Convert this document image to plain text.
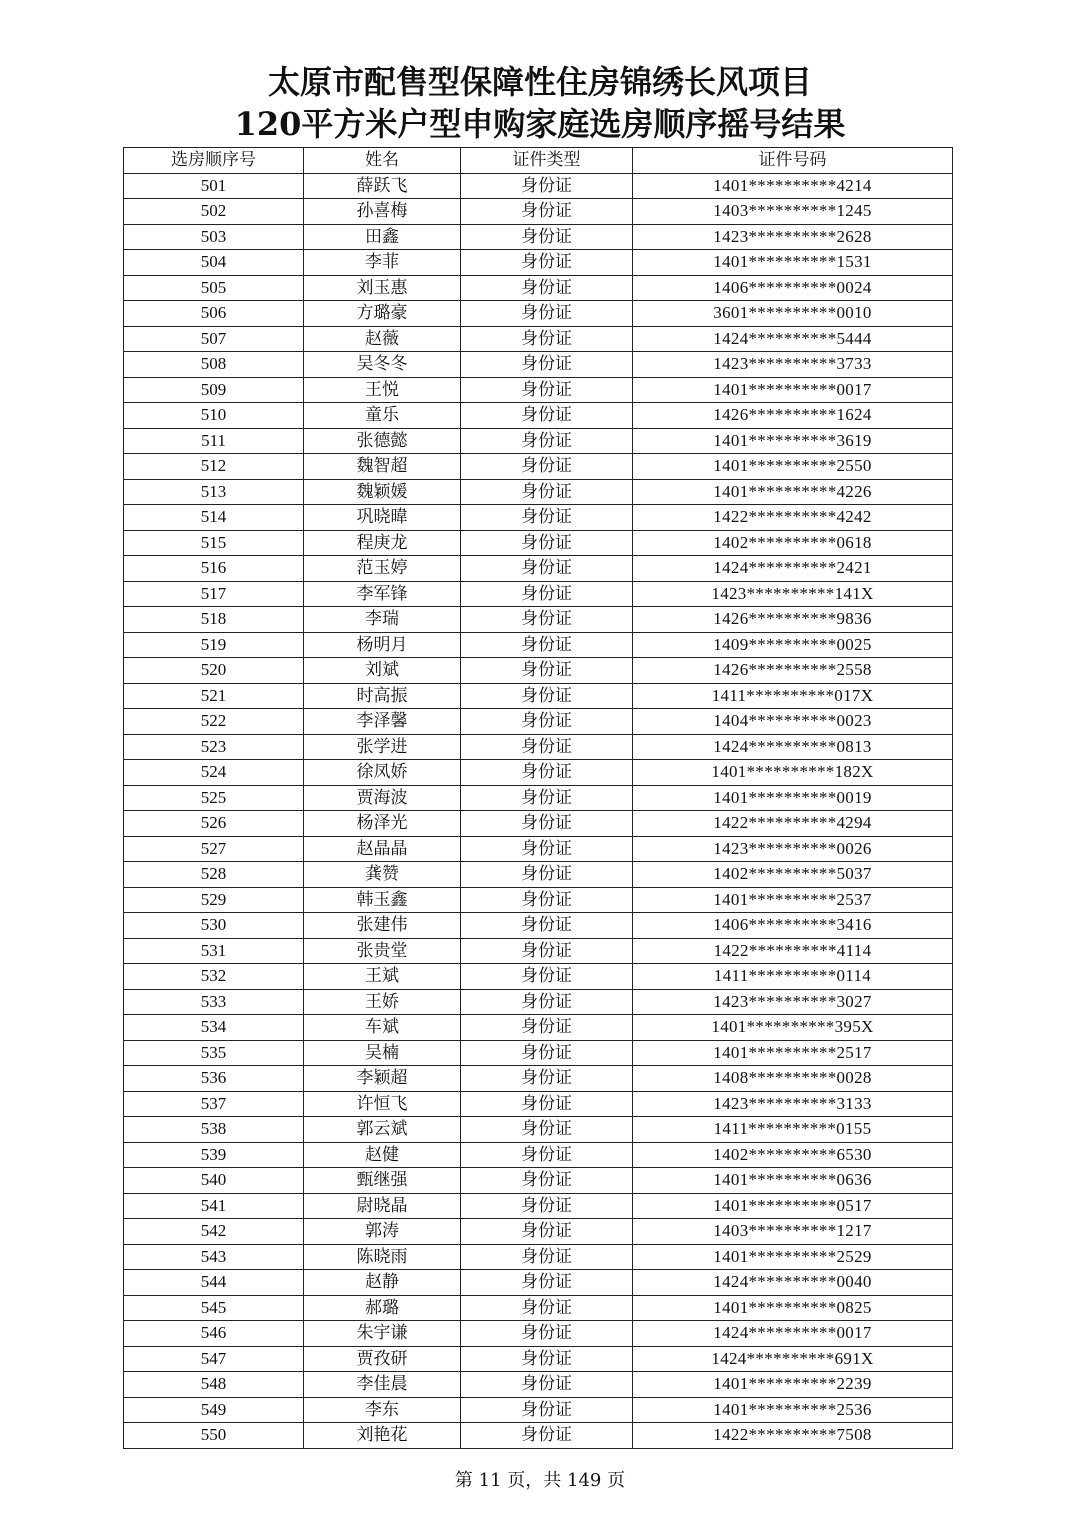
太原市配售型保障性住房锦绣长风项目
120平方米户型申购家庭选房顺序摇号结果
选房顺序号	姓名	证件类型	证件号码
501	薛跃飞	身份证	1401**********4214
502	孙喜梅	身份证	1403**********1245
503	田鑫	身份证	1423**********2628
504	李菲	身份证	1401**********1531
505	刘玉惠	身份证	1406**********0024
506	方璐豪	身份证	3601**********0010
507	赵薇	身份证	1424**********5444
508	吴冬冬	身份证	1423**********3733
509	王悦	身份证	1401**********0017
510	童乐	身份证	1426**********1624
511	张德懿	身份证	1401**********3619
512	魏智超	身份证	1401**********2550
513	魏颖媛	身份证	1401**********4226
514	巩晓暐	身份证	1422**********4242
515	程庚龙	身份证	1402**********0618
516	范玉婷	身份证	1424**********2421
517	李军锋	身份证	1423**********141X
518	李瑞	身份证	1426**********9836
519	杨明月	身份证	1409**********0025
520	刘斌	身份证	1426**********2558
521	时高振	身份证	1411**********017X
522	李泽馨	身份证	1404**********0023
523	张学进	身份证	1424**********0813
524	徐凤娇	身份证	1401**********182X
525	贾海波	身份证	1401**********0019
526	杨泽光	身份证	1422**********4294
527	赵晶晶	身份证	1423**********0026
528	龚赞	身份证	1402**********5037
529	韩玉鑫	身份证	1401**********2537
530	张建伟	身份证	1406**********3416
531	张贵堂	身份证	1422**********4114
532	王斌	身份证	1411**********0114
533	王娇	身份证	1423**********3027
534	车斌	身份证	1401**********395X
535	吴楠	身份证	1401**********2517
536	李颖超	身份证	1408**********0028
537	许恒飞	身份证	1423**********3133
538	郭云斌	身份证	1411**********0155
539	赵健	身份证	1402**********6530
540	甄继强	身份证	1401**********0636
541	尉晓晶	身份证	1401**********0517
542	郭涛	身份证	1403**********1217
543	陈晓雨	身份证	1401**********2529
544	赵静	身份证	1424**********0040
545	郝璐	身份证	1401**********0825
546	朱宇谦	身份证	1424**********0017
547	贾孜研	身份证	1424**********691X
548	李佳晨	身份证	1401**********2239
549	李东	身份证	1401**********2536
550	刘艳花	身份证	1422**********7508
第 11 页，共 149 页
